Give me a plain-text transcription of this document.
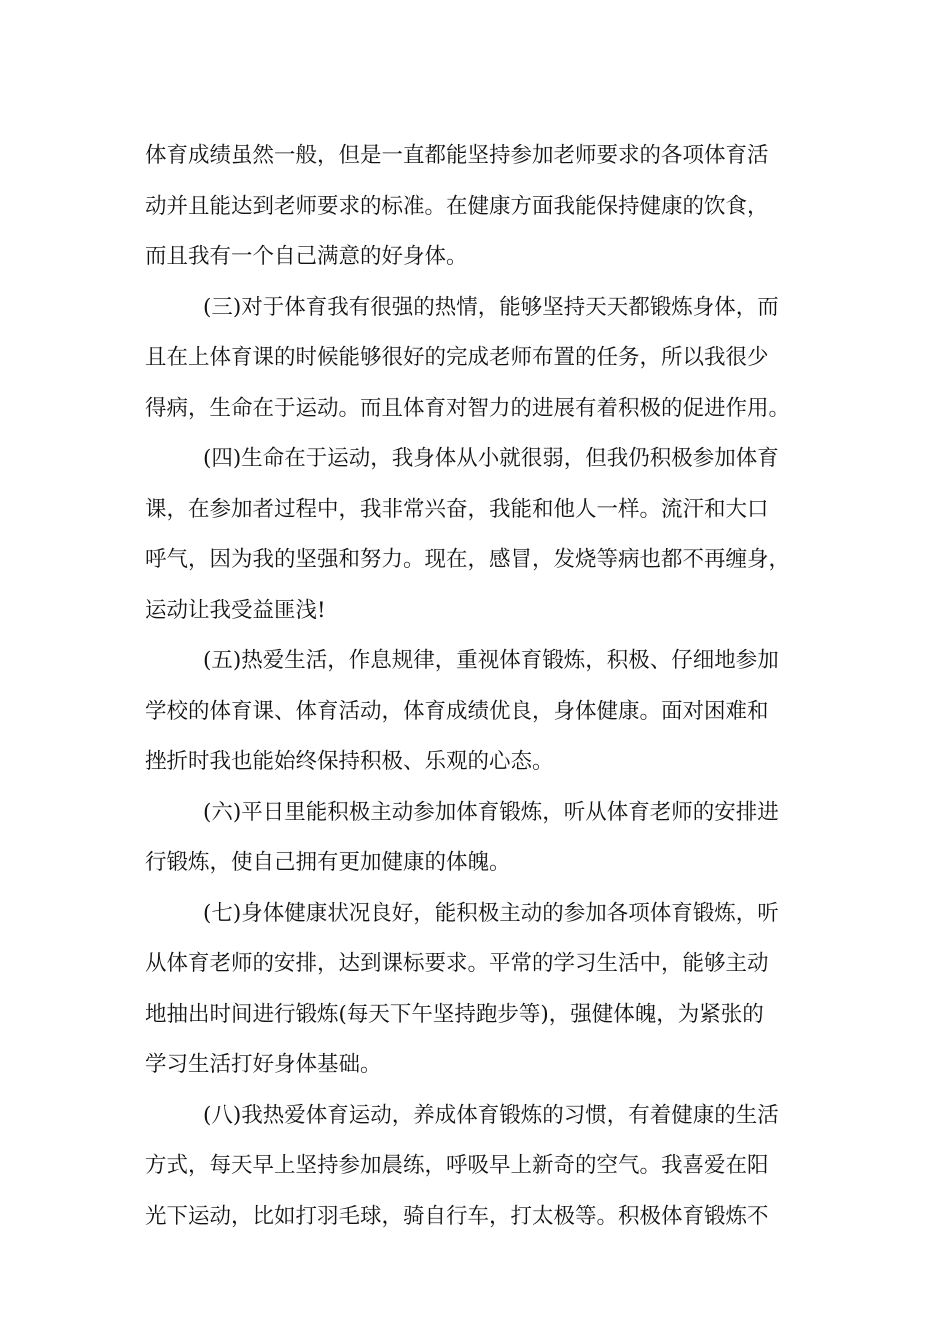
体育成绩虽然一般，但是一直都能坚持参加老师要求的各项体育活
动并且能达到老师要求的标准。在健康方面我能保持健康的饮食，
而且我有一个自己满意的好身体。
(三)对于体育我有很强的热情，能够坚持天天都锻炼身体，而
且在上体育课的时候能够很好的完成老师布置的任务，所以我很少
得病，生命在于运动。而且体育对智力的进展有着积极的促进作用。
(四)生命在于运动，我身体从小就很弱，但我仍积极参加体育
课，在参加者过程中，我非常兴奋，我能和他人一样。流汗和大口
呼气，因为我的坚强和努力。现在，感冒，发烧等病也都不再缠身，
运动让我受益匪浅!
(五)热爱生活，作息规律，重视体育锻炼，积极、仔细地参加
学校的体育课、体育活动，体育成绩优良，身体健康。面对困难和
挫折时我也能始终保持积极、乐观的心态。
(六)平日里能积极主动参加体育锻炼，听从体育老师的安排进
行锻炼，使自己拥有更加健康的体魄。
(七)身体健康状况良好，能积极主动的参加各项体育锻炼，听
从体育老师的安排，达到课标要求。平常的学习生活中，能够主动
地抽出时间进行锻炼(每天下午坚持跑步等)，强健体魄，为紧张的
学习生活打好身体基础。
(八)我热爱体育运动，养成体育锻炼的习惯，有着健康的生活
方式，每天早上坚持参加晨练，呼吸早上新奇的空气。我喜爱在阳
光下运动，比如打羽毛球，骑自行车，打太极等。积极体育锻炼不
